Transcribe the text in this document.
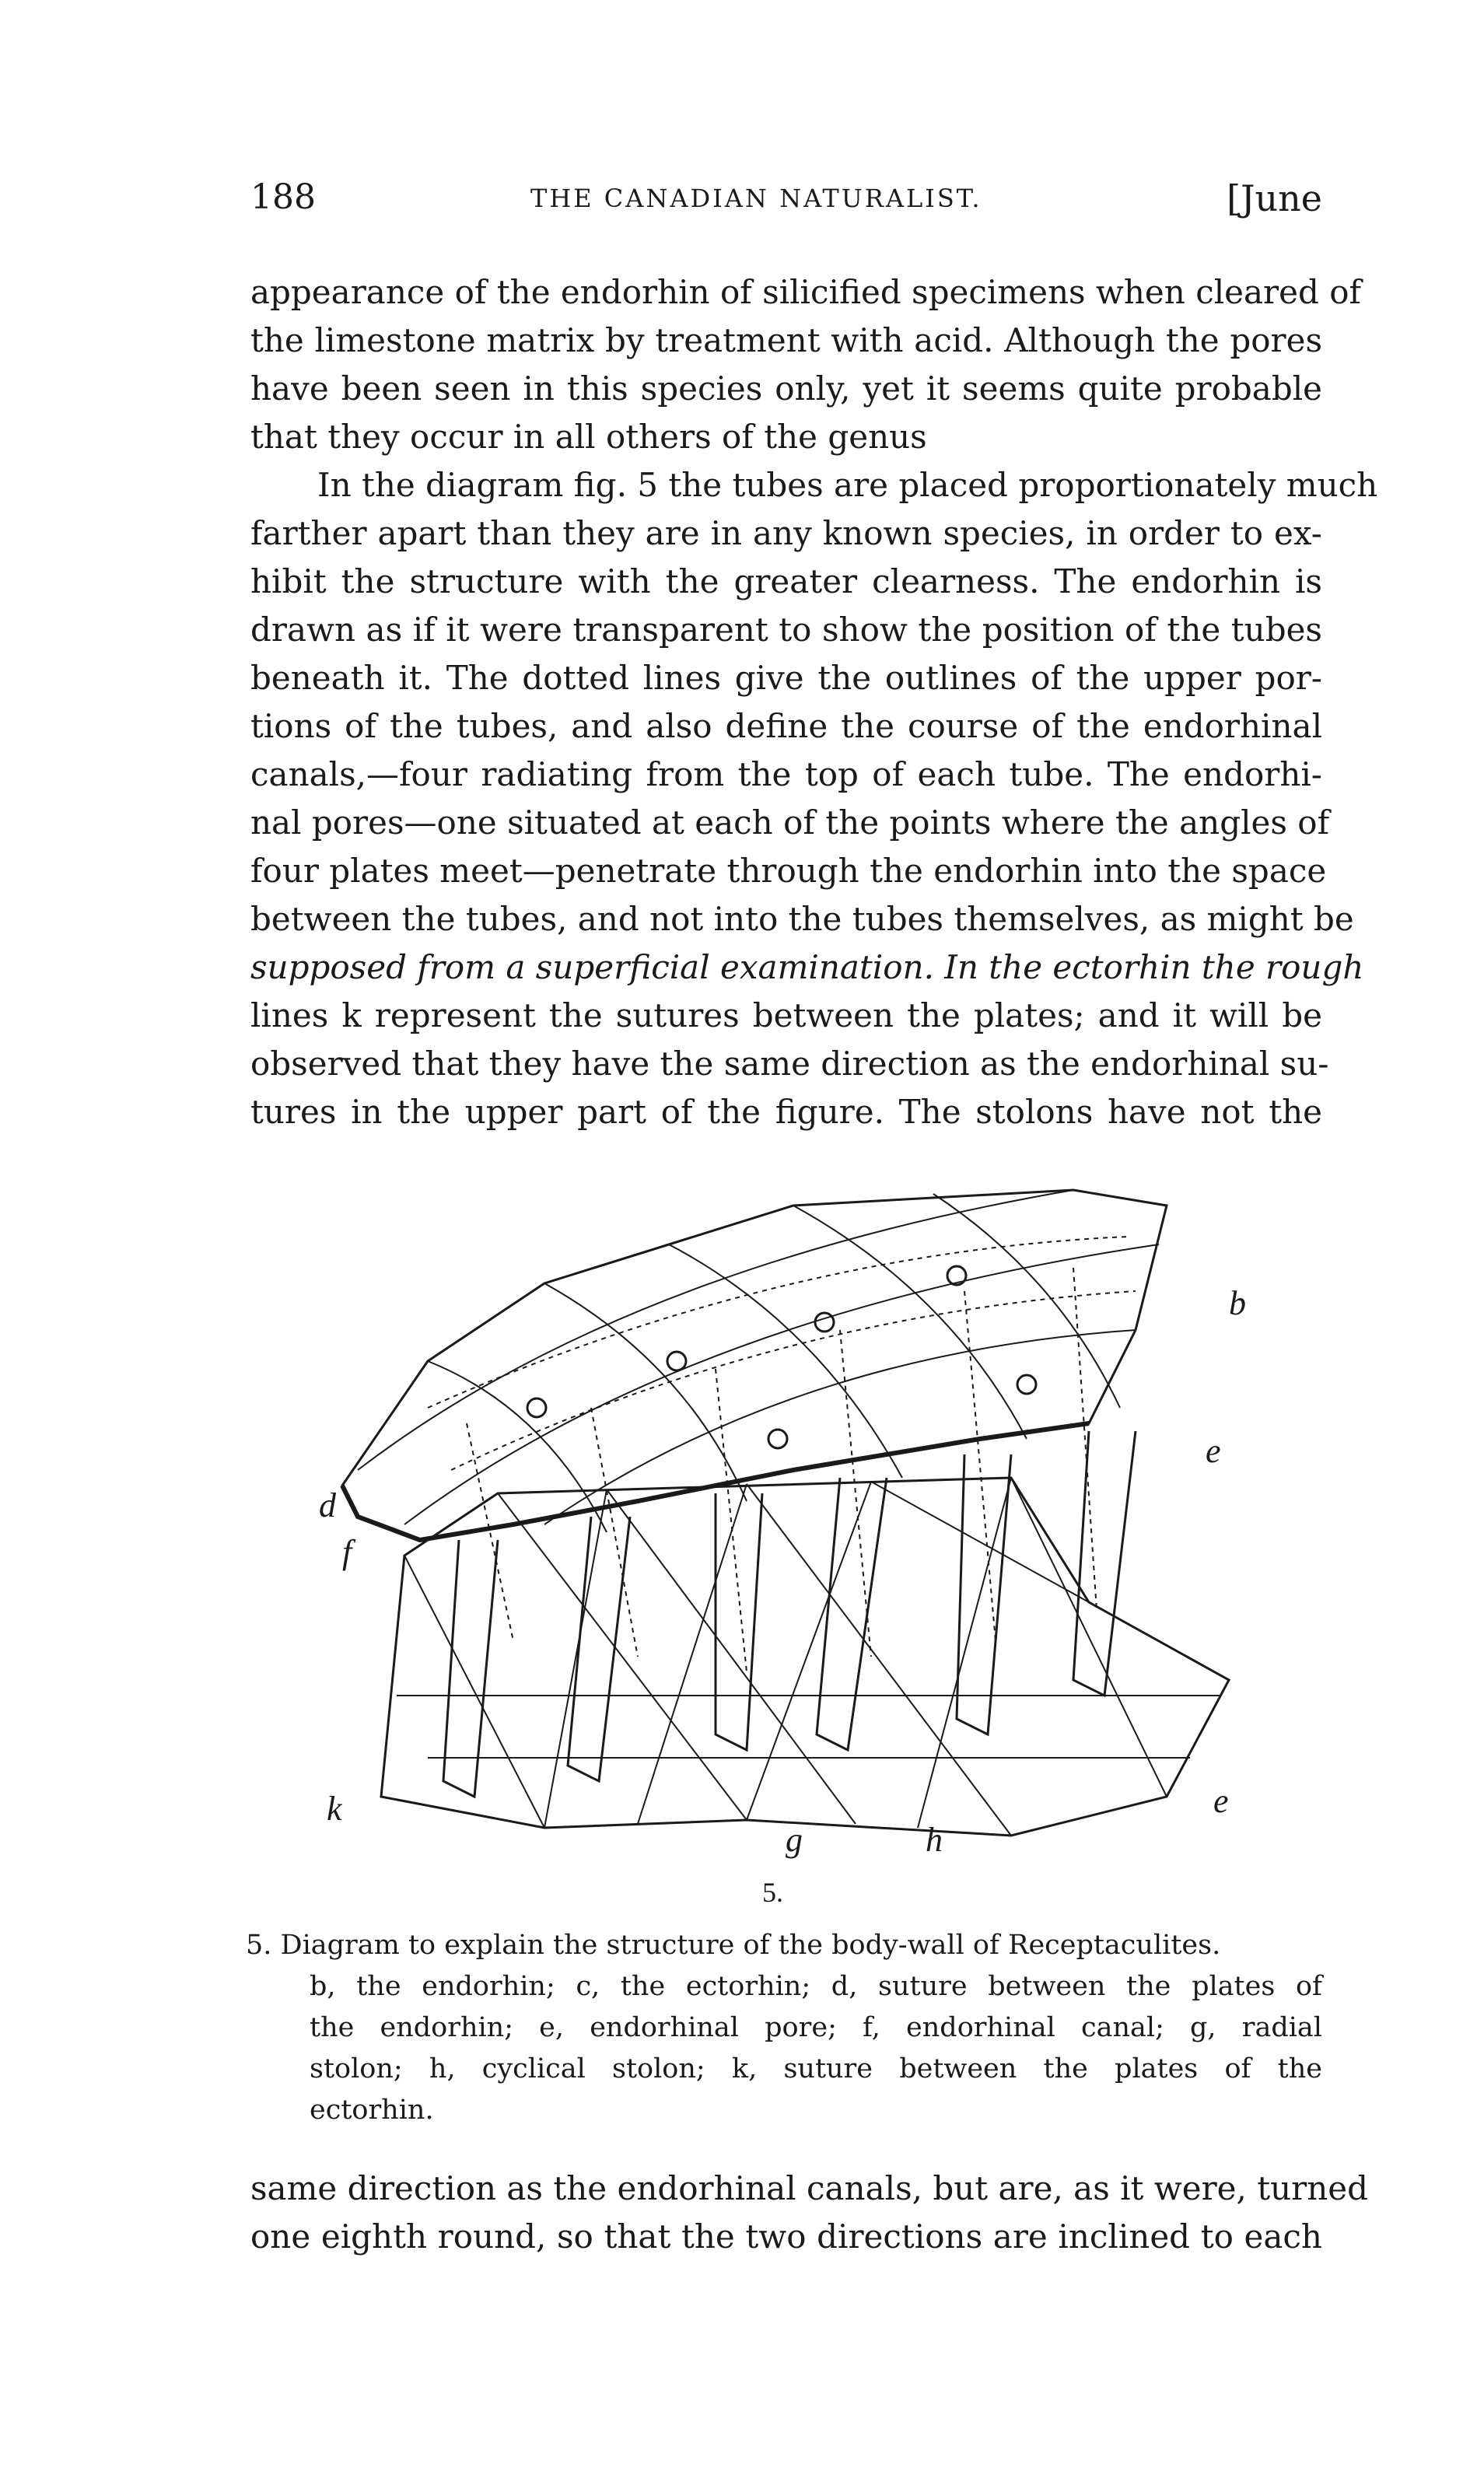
188	THE CANADIAN NATURALIST.	[June
appearance of the endorhin of silicified specimens when cleared of
the limestone matrix by treatment with acid. Although the pores
have been seen in this species only, yet it seems quite probable
that they occur in all others of the genus
In the diagram fig. 5 the tubes are placed proportionately much
farther apart than they are in any known species, in order to ex-
hibit the structure with the greater clearness. The endorhin is
drawn as if it were transparent to show the position of the tubes
beneath it. The dotted lines give the outlines of the upper por-
tions of the tubes, and also define the course of the endorhinal
canals,—four radiating from the top of each tube. The endorhi-
nal pores—one situated at each of the points where the angles of
four plates meet—penetrate through the endorhin into the space
between the tubes, and not into the tubes themselves, as might be
supposed from a superficial examination. In the ectorhin the rough
lines k represent the sutures between the plates; and it will be
observed that they have the same direction as the endorhinal su-
tures in the upper part of the figure. The stolons have not the
b
e
d
f
k
g	h
e
5.
5. Diagram to explain the structure of the body-wall of Receptaculites.
b, the endorhin; c, the ectorhin; d, suture between the plates of
the endorhin; e, endorhinal pore; f, endorhinal canal; g, radial
stolon; h, cyclical stolon; k, suture between the plates of the
ectorhin.
same direction as the endorhinal canals, but are, as it were, turned
one eighth round, so that the two directions are inclined to each
